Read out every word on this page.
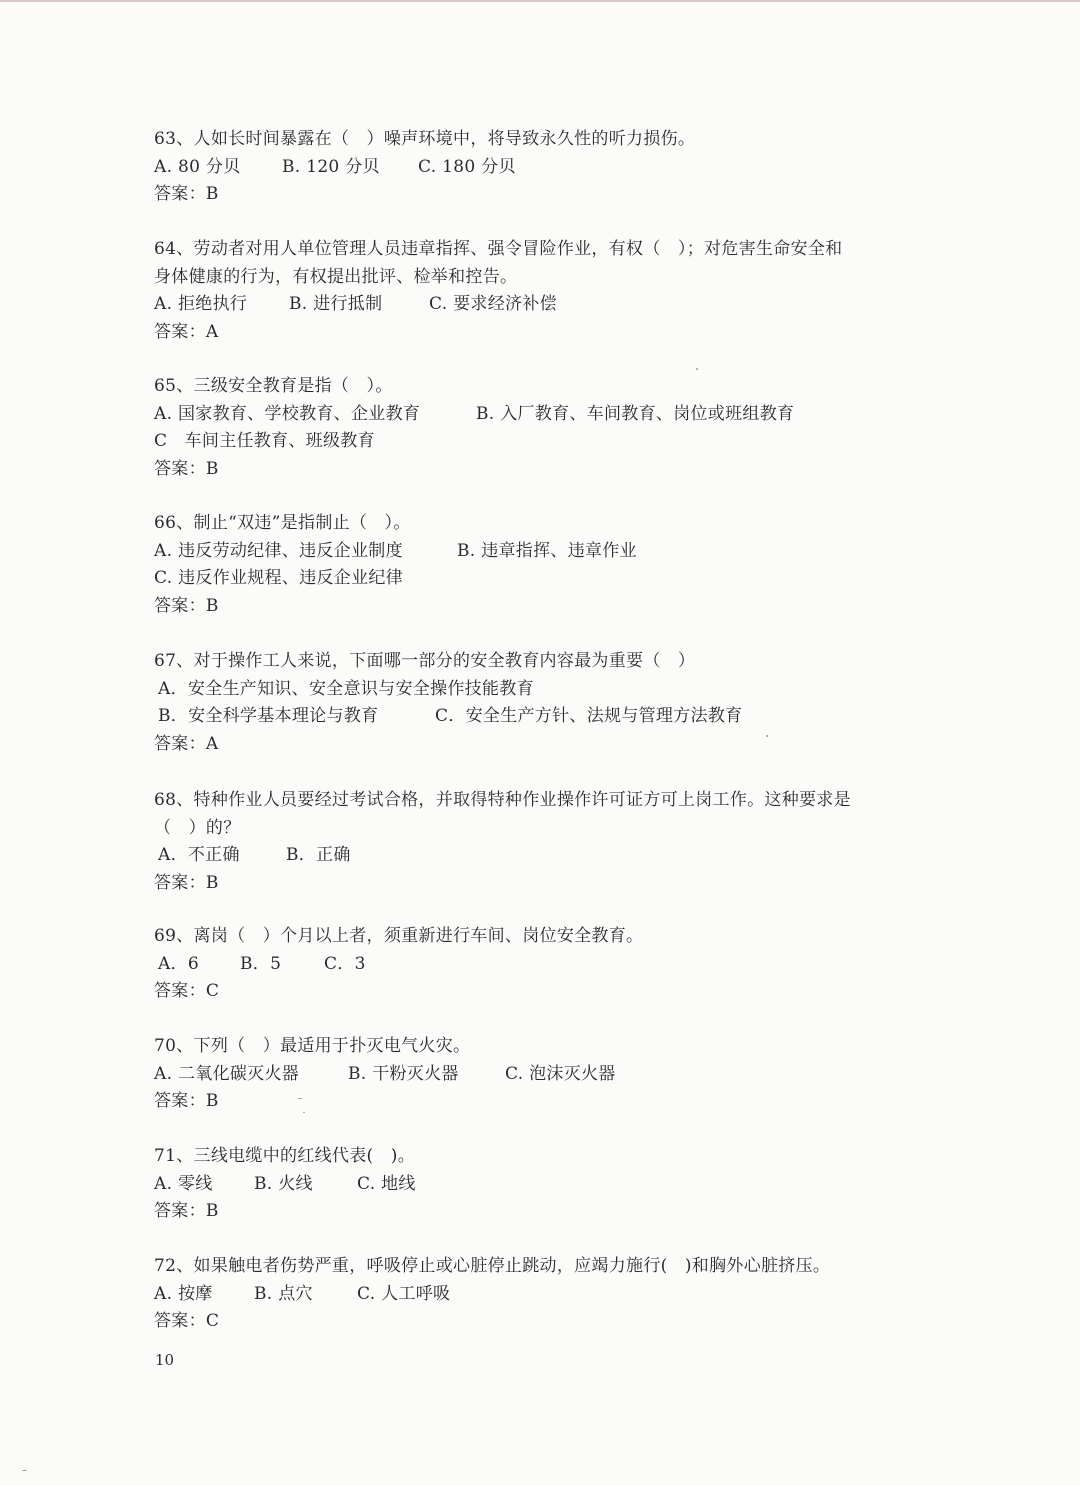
63、人如长时间暴露在（　）噪声环境中，将导致永久性的听力损伤。
A. 80 分贝 B. 120 分贝 C. 180 分贝
答案：B
64、劳动者对用人单位管理人员违章指挥、强令冒险作业，有权（　）；对危害生命安全和
身体健康的行为，有权提出批评、检举和控告。
A. 拒绝执行 B. 进行抵制	C. 要求经济补偿
答案：A
65、三级安全教育是指（　）。
A. 国家教育、学校教育、企业教育	B. 入厂教育、车间教育、岗位或班组教育
C　车间主任教育、班级教育
答案：B
66、制止“双违”是指制止（　）。
A. 违反劳动纪律、违反企业制度	B. 违章指挥、违章作业
C. 违反作业规程、违反企业纪律
答案：B
67、对于操作工人来说，下面哪一部分的安全教育内容最为重要（　）
A．安全生产知识、安全意识与安全操作技能教育
B．安全科学基本理论与教育	C．安全生产方针、法规与管理方法教育
答案：A
68、特种作业人员要经过考试合格，并取得特种作业操作许可证方可上岗工作。这种要求是
（　）的？
A．不正确	B．正确
答案：B
69、离岗（　）个月以上者，须重新进行车间、岗位安全教育。
A．6 B．5	C．3
答案：C
70、下列（　）最适用于扑灭电气火灾。
A. 二氧化碳灭火器	B. 干粉灭火器	C. 泡沫灭火器
答案：B
71、三线电缆中的红线代表(　)。
A. 零线 B. 火线	C. 地线
答案：B
72、如果触电者伤势严重，呼吸停止或心脏停止跳动，应竭力施行(　)和胸外心脏挤压。
A. 按摩 B. 点穴	C. 人工呼吸
答案：C
10
